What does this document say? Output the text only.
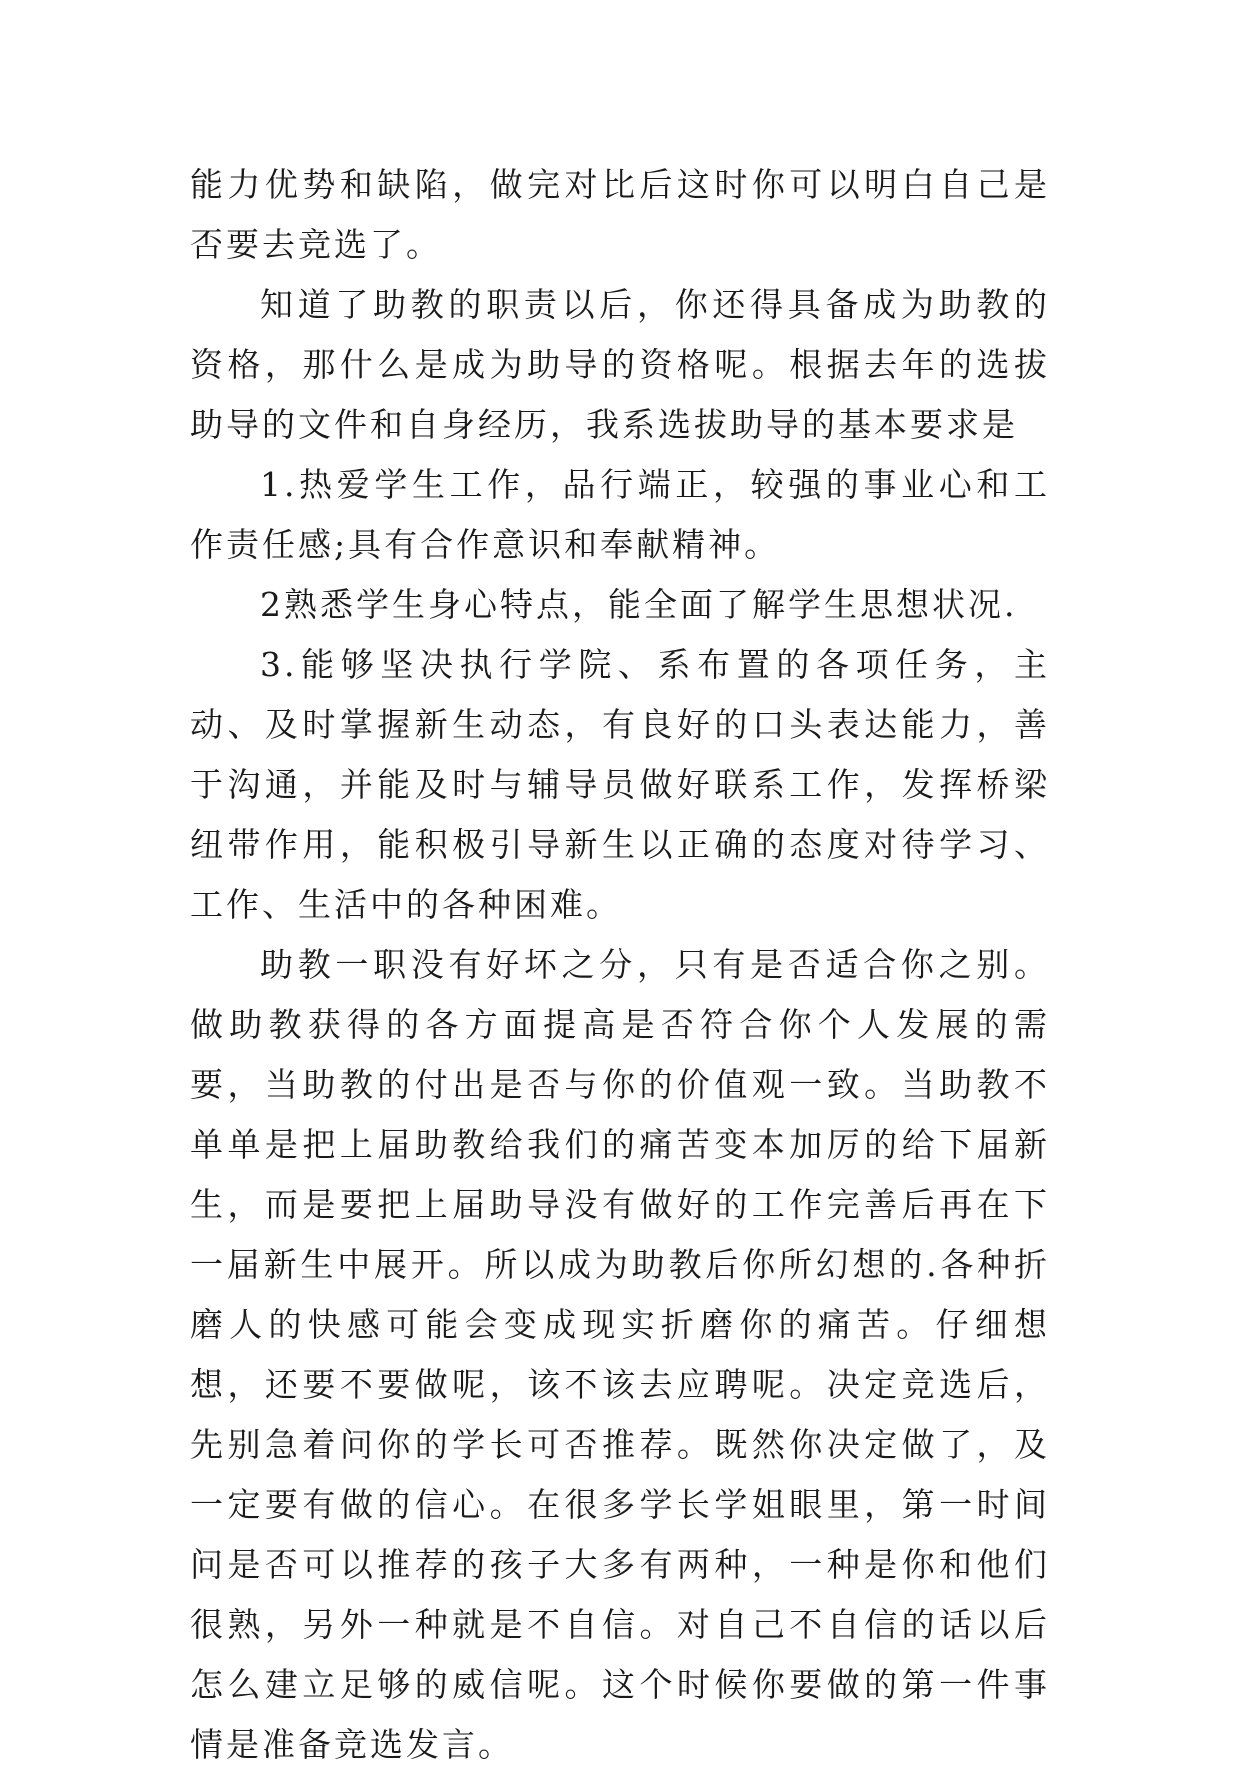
能力优势和缺陷，做完对比后这时你可以明白自己是否要去竞选了。

知道了助教的职责以后，你还得具备成为助教的资格，那什么是成为助导的资格呢。根据去年的选拔助导的文件和自身经历，我系选拔助导的基本要求是

1.热爱学生工作，品行端正，较强的事业心和工作责任感;具有合作意识和奉献精神。

2熟悉学生身心特点，能全面了解学生思想状况.

3.能够坚决执行学院、系布置的各项任务，主动、及时掌握新生动态，有良好的口头表达能力，善于沟通，并能及时与辅导员做好联系工作，发挥桥梁纽带作用，能积极引导新生以正确的态度对待学习、工作、生活中的各种困难。

助教一职没有好坏之分，只有是否适合你之别。做助教获得的各方面提高是否符合你个人发展的需要，当助教的付出是否与你的价值观一致。当助教不单单是把上届助教给我们的痛苦变本加厉的给下届新生，而是要把上届助导没有做好的工作完善后再在下一届新生中展开。所以成为助教后你所幻想的.各种折磨人的快感可能会变成现实折磨你的痛苦。仔细想想，还要不要做呢，该不该去应聘呢。决定竞选后，先别急着问你的学长可否推荐。既然你决定做了，及一定要有做的信心。在很多学长学姐眼里，第一时间问是否可以推荐的孩子大多有两种，一种是你和他们很熟，另外一种就是不自信。对自己不自信的话以后怎么建立足够的威信呢。这个时候你要做的第一件事情是准备竞选发言。
